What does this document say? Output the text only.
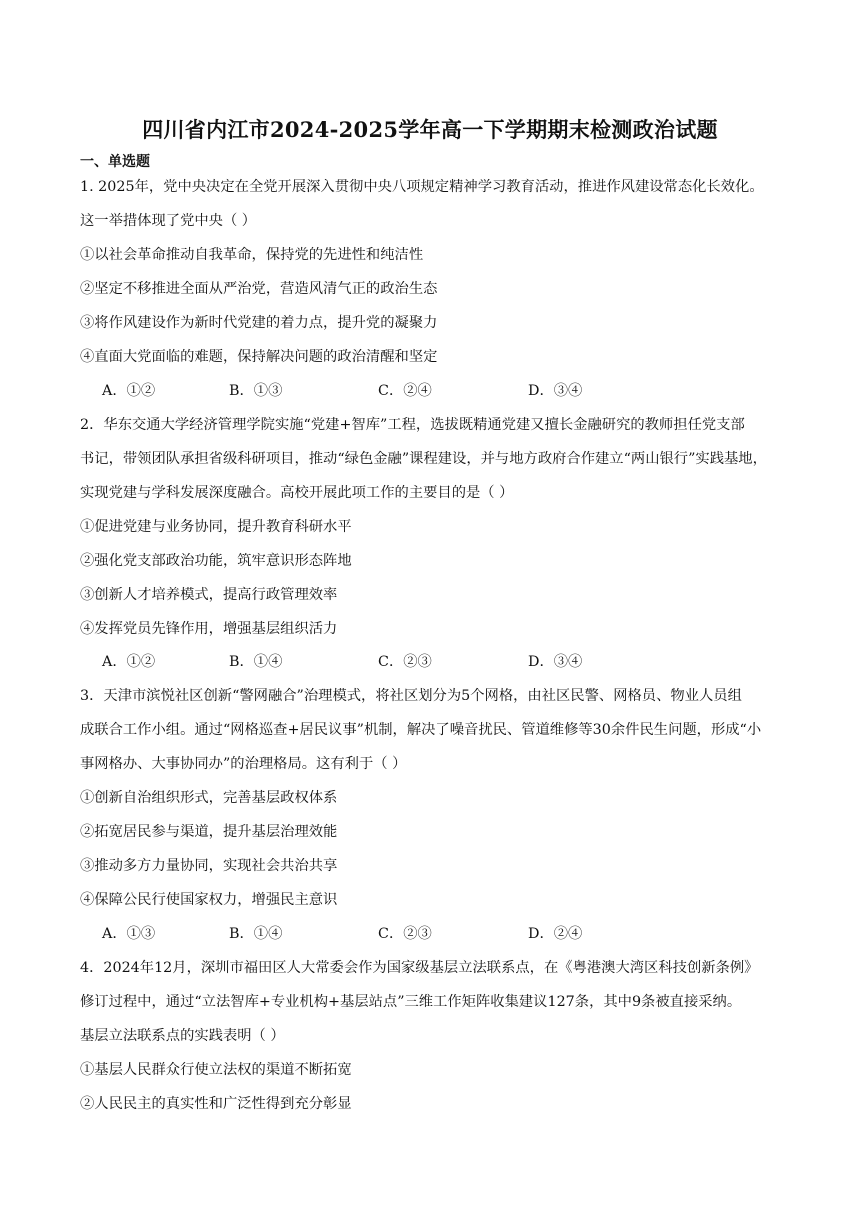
四川省内江市2024-2025学年高一下学期期末检测政治试题
一、单选题
1. 2025年，党中央决定在全党开展深入贯彻中央八项规定精神学习教育活动，推进作风建设常态化长效化。
这一举措体现了党中央（ ）
①以社会革命推动自我革命，保持党的先进性和纯洁性
②坚定不移推进全面从严治党，营造风清气正的政治生态
③将作风建设作为新时代党建的着力点，提升党的凝聚力
④直面大党面临的难题，保持解决问题的政治清醒和坚定
A．①②	B．①③	C．②④	D．③④
2．华东交通大学经济管理学院实施“党建+智库”工程，选拔既精通党建又擅长金融研究的教师担任党支部
书记，带领团队承担省级科研项目，推动“绿色金融”课程建设，并与地方政府合作建立“两山银行”实践基地，
实现党建与学科发展深度融合。高校开展此项工作的主要目的是（ ）
①促进党建与业务协同，提升教育科研水平
②强化党支部政治功能，筑牢意识形态阵地
③创新人才培养模式，提高行政管理效率
④发挥党员先锋作用，增强基层组织活力
A．①②	B．①④	C．②③	D．③④
3．天津市滨悦社区创新“警网融合”治理模式，将社区划分为5个网格，由社区民警、网格员、物业人员组
成联合工作小组。通过“网格巡查+居民议事”机制，解决了噪音扰民、管道维修等30余件民生问题，形成“小
事网格办、大事协同办”的治理格局。这有利于（ ）
①创新自治组织形式，完善基层政权体系
②拓宽居民参与渠道，提升基层治理效能
③推动多方力量协同，实现社会共治共享
④保障公民行使国家权力，增强民主意识
A．①③	B．①④	C．②③	D．②④
4．2024年12月，深圳市福田区人大常委会作为国家级基层立法联系点，在《粤港澳大湾区科技创新条例》
修订过程中，通过“立法智库+专业机构+基层站点”三维工作矩阵收集建议127条，其中9条被直接采纳。
基层立法联系点的实践表明（ ）
①基层人民群众行使立法权的渠道不断拓宽
②人民民主的真实性和广泛性得到充分彰显
